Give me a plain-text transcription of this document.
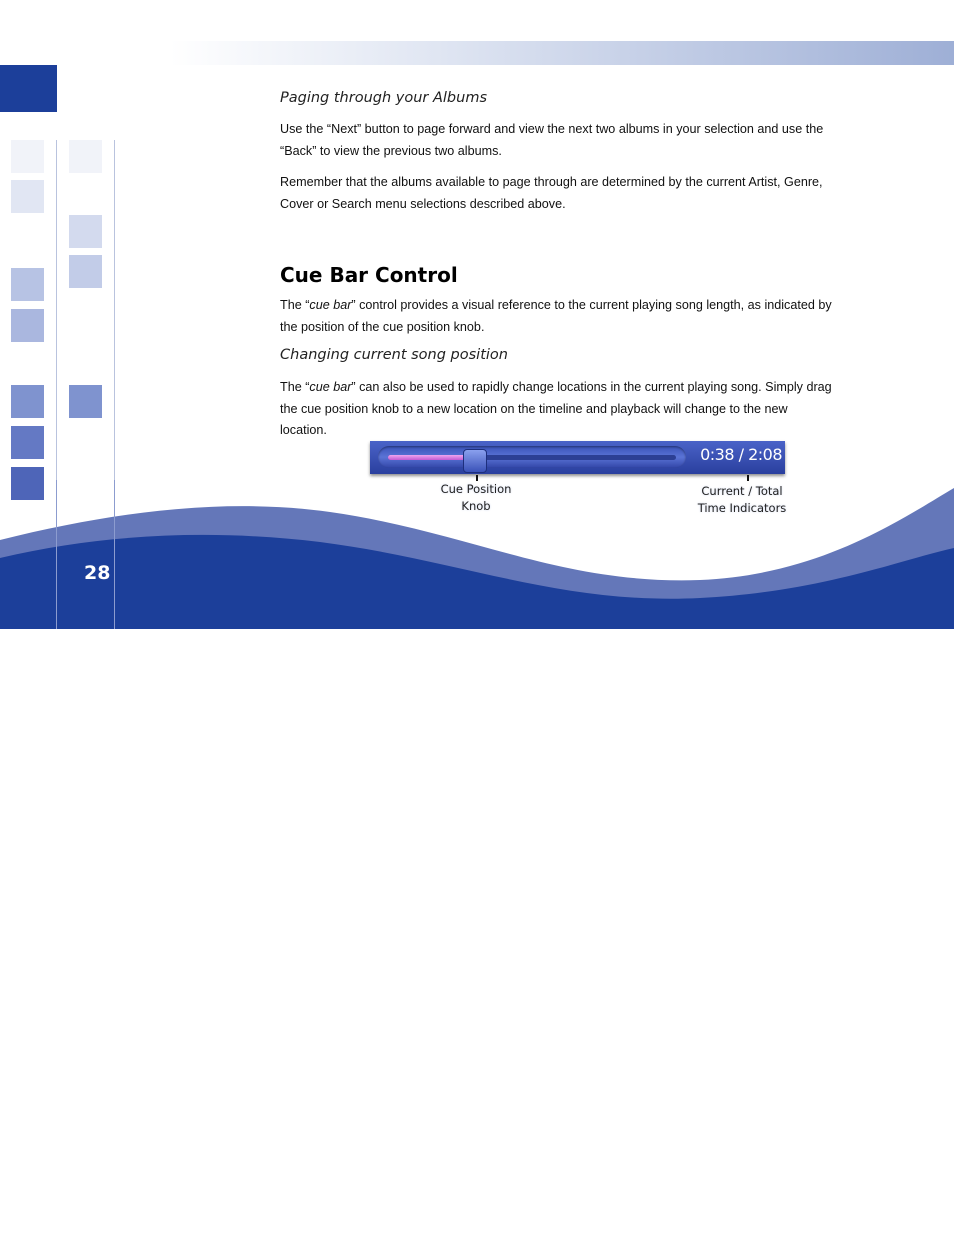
Paging through your Albums
Use the “Next” button to page forward and view the next two albums in your selection and use the “Back” to view the previous two albums.
Remember that the albums available to page through are determined by the current Artist, Genre, Cover or Search menu selections described above.
Cue Bar Control
The “cue bar” control provides a visual reference to the current playing song length, as indicated by the position of the cue position knob.
Changing current song position
The “cue bar” can also be used to rapidly change locations in the current playing song. Simply drag the cue position knob to a new location on the timeline and playback will change to the new location.
0:38 / 2:08
Cue Position
Knob
Current / Total
Time Indicators
28
